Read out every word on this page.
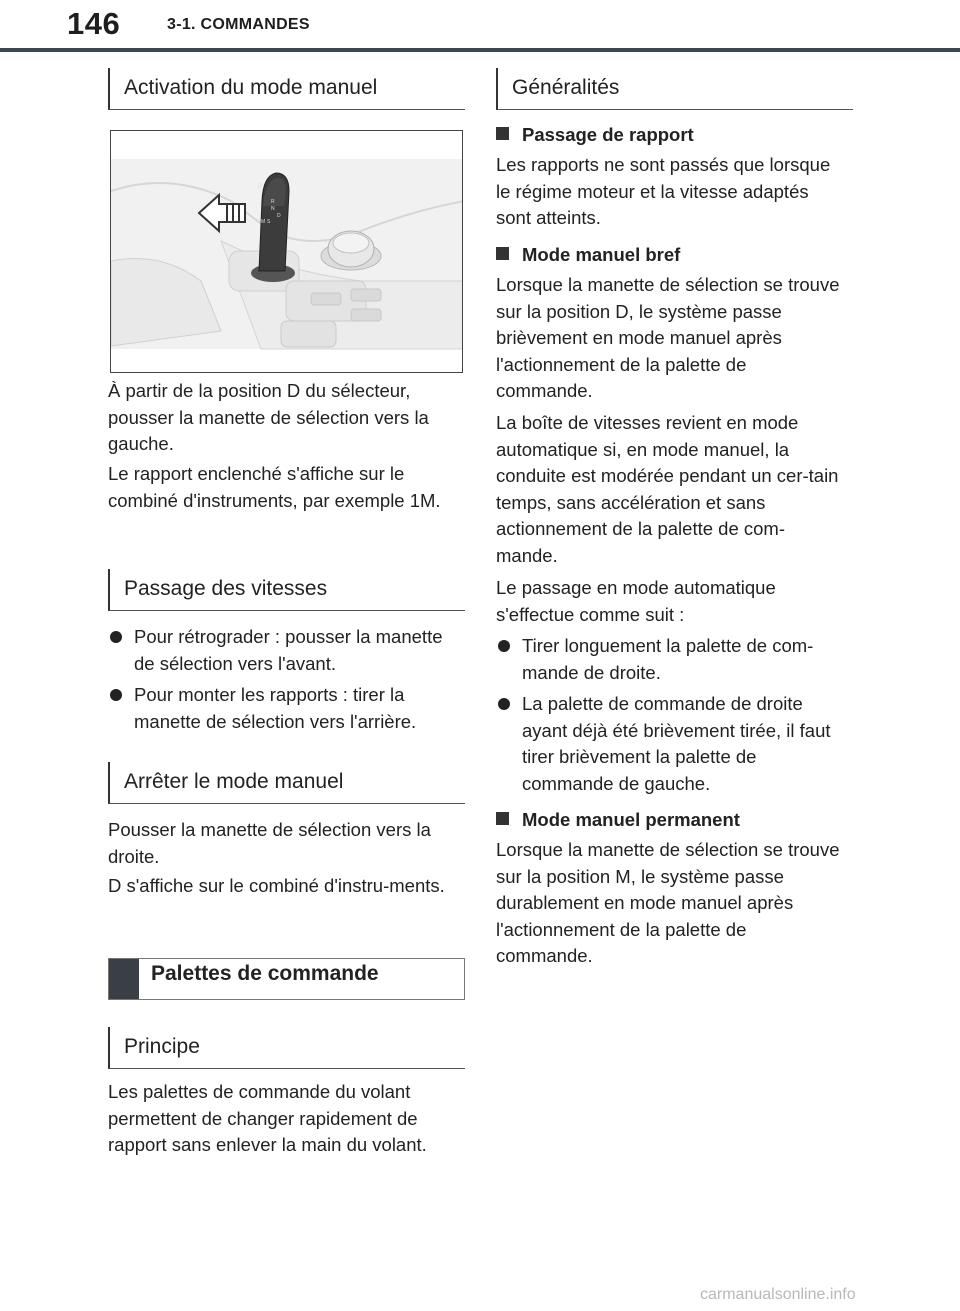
146	3-1. COMMANDES
Activation du mode manuel
P
R
N
D
M S
À partir de la position D du sélecteur, pousser la manette de sélection vers la gauche.
Le rapport enclenché s'affiche sur le combiné d'instruments, par exemple 1M.
Passage des vitesses
Pour rétrograder : pousser la manette de sélection vers l'avant.
Pour monter les rapports : tirer la manette de sélection vers l'arrière.
Arrêter le mode manuel
Pousser la manette de sélection vers la droite.
D s'affiche sur le combiné d'instru-ments.
Palettes de commande
Principe
Les palettes de commande du volant permettent de changer rapidement de rapport sans enlever la main du volant.
Généralités
Passage de rapport
Les rapports ne sont passés que lorsque le régime moteur et la vitesse adaptés sont atteints.
Mode manuel bref
Lorsque la manette de sélection se trouve sur la position D, le système passe brièvement en mode manuel après l'actionnement de la palette de commande.
La boîte de vitesses revient en mode automatique si, en mode manuel, la conduite est modérée pendant un cer-tain temps, sans accélération et sans actionnement de la palette de com-mande.
Le passage en mode automatique s'effectue comme suit :
Tirer longuement la palette de com-mande de droite.
La palette de commande de droite ayant déjà été brièvement tirée, il faut tirer brièvement la palette de commande de gauche.
Mode manuel permanent
Lorsque la manette de sélection se trouve sur la position M, le système passe durablement en mode manuel après l'actionnement de la palette de commande.
carmanualsonline.info
